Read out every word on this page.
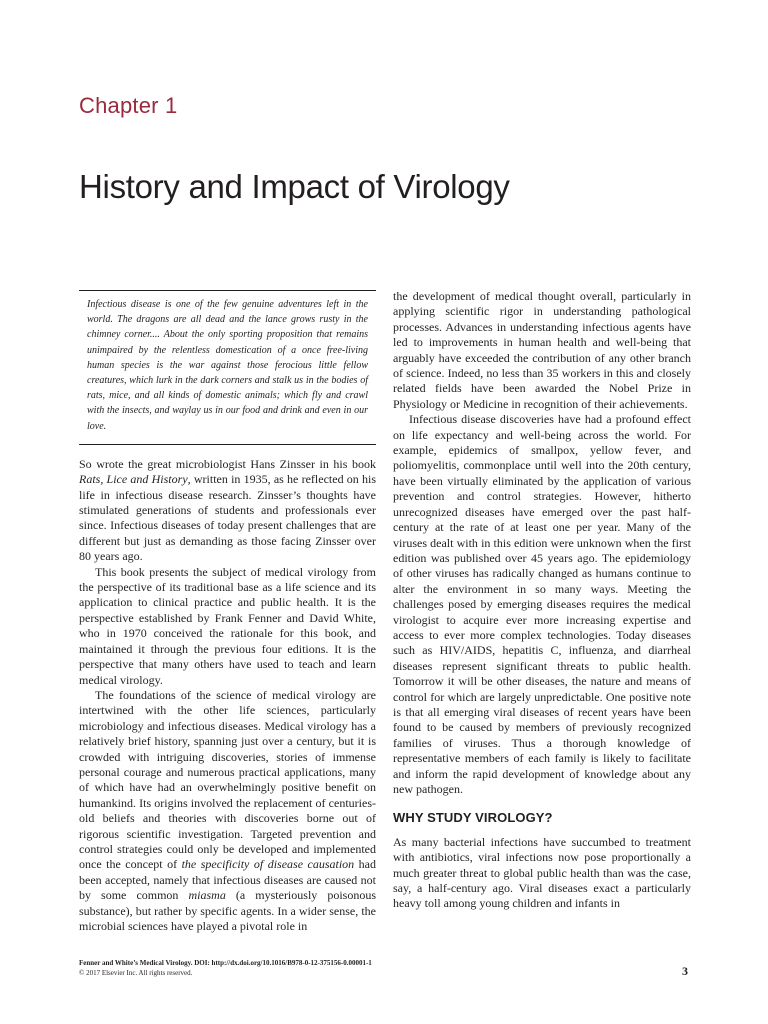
Chapter 1
History and Impact of Virology
Infectious disease is one of the few genuine adventures left in the world. The dragons are all dead and the lance grows rusty in the chimney corner.... About the only sporting proposition that remains unimpaired by the relentless domestication of a once free-living human species is the war against those ferocious little fellow creatures, which lurk in the dark corners and stalk us in the bodies of rats, mice, and all kinds of domestic animals; which fly and crawl with the insects, and waylay us in our food and drink and even in our love.

So wrote the great microbiologist Hans Zinsser in his book Rats, Lice and History, written in 1935, as he reflected on his life in infectious disease research. Zinsser’s thoughts have stimulated generations of students and professionals ever since. Infectious diseases of today present challenges that are different but just as demanding as those facing Zinsser over 80 years ago.

This book presents the subject of medical virology from the perspective of its traditional base as a life science and its application to clinical practice and public health. It is the perspective established by Frank Fenner and David White, who in 1970 conceived the rationale for this book, and maintained it through the previous four editions. It is the perspective that many others have used to teach and learn medical virology.

The foundations of the science of medical virology are intertwined with the other life sciences, particularly microbiology and infectious diseases. Medical virology has a relatively brief history, spanning just over a century, but it is crowded with intriguing discoveries, stories of immense personal courage and numerous practical applications, many of which have had an overwhelmingly positive benefit on humankind. Its origins involved the replacement of centuries-old beliefs and theories with discoveries borne out of rigorous scientific investigation. Targeted prevention and control strategies could only be developed and implemented once the concept of the specificity of disease causation had been accepted, namely that infectious diseases are caused not by some common miasma (a mysteriously poisonous substance), but rather by specific agents. In a wider sense, the microbial sciences have played a pivotal role in

the development of medical thought overall, particularly in applying scientific rigor in understanding pathological processes. Advances in understanding infectious agents have led to improvements in human health and well-being that arguably have exceeded the contribution of any other branch of science. Indeed, no less than 35 workers in this and closely related fields have been awarded the Nobel Prize in Physiology or Medicine in recognition of their achievements.

Infectious disease discoveries have had a profound effect on life expectancy and well-being across the world. For example, epidemics of smallpox, yellow fever, and poliomyelitis, commonplace until well into the 20th century, have been virtually eliminated by the application of various prevention and control strategies. However, hitherto unrecognized diseases have emerged over the past half-century at the rate of at least one per year. Many of the viruses dealt with in this edition were unknown when the first edition was published over 45 years ago. The epidemiology of other viruses has radically changed as humans continue to alter the environment in so many ways. Meeting the challenges posed by emerging diseases requires the medical virologist to acquire ever more increasing expertise and access to ever more complex technologies. Today diseases such as HIV/AIDS, hepatitis C, influenza, and diarrheal diseases represent significant threats to public health. Tomorrow it will be other diseases, the nature and means of control for which are largely unpredictable. One positive note is that all emerging viral diseases of recent years have been found to be caused by members of previously recognized families of viruses. Thus a thorough knowledge of representative members of each family is likely to facilitate and inform the rapid development of knowledge about any new pathogen.

WHY STUDY VIROLOGY?

As many bacterial infections have succumbed to treatment with antibiotics, viral infections now pose proportionally a much greater threat to global public health than was the case, say, a half-century ago. Viral diseases exact a particularly heavy toll among young children and infants in

Fenner and White’s Medical Virology. DOI: http://dx.doi.org/10.1016/B978-0-12-375156-0.00001-1
© 2017 Elsevier Inc. All rights reserved.	3
